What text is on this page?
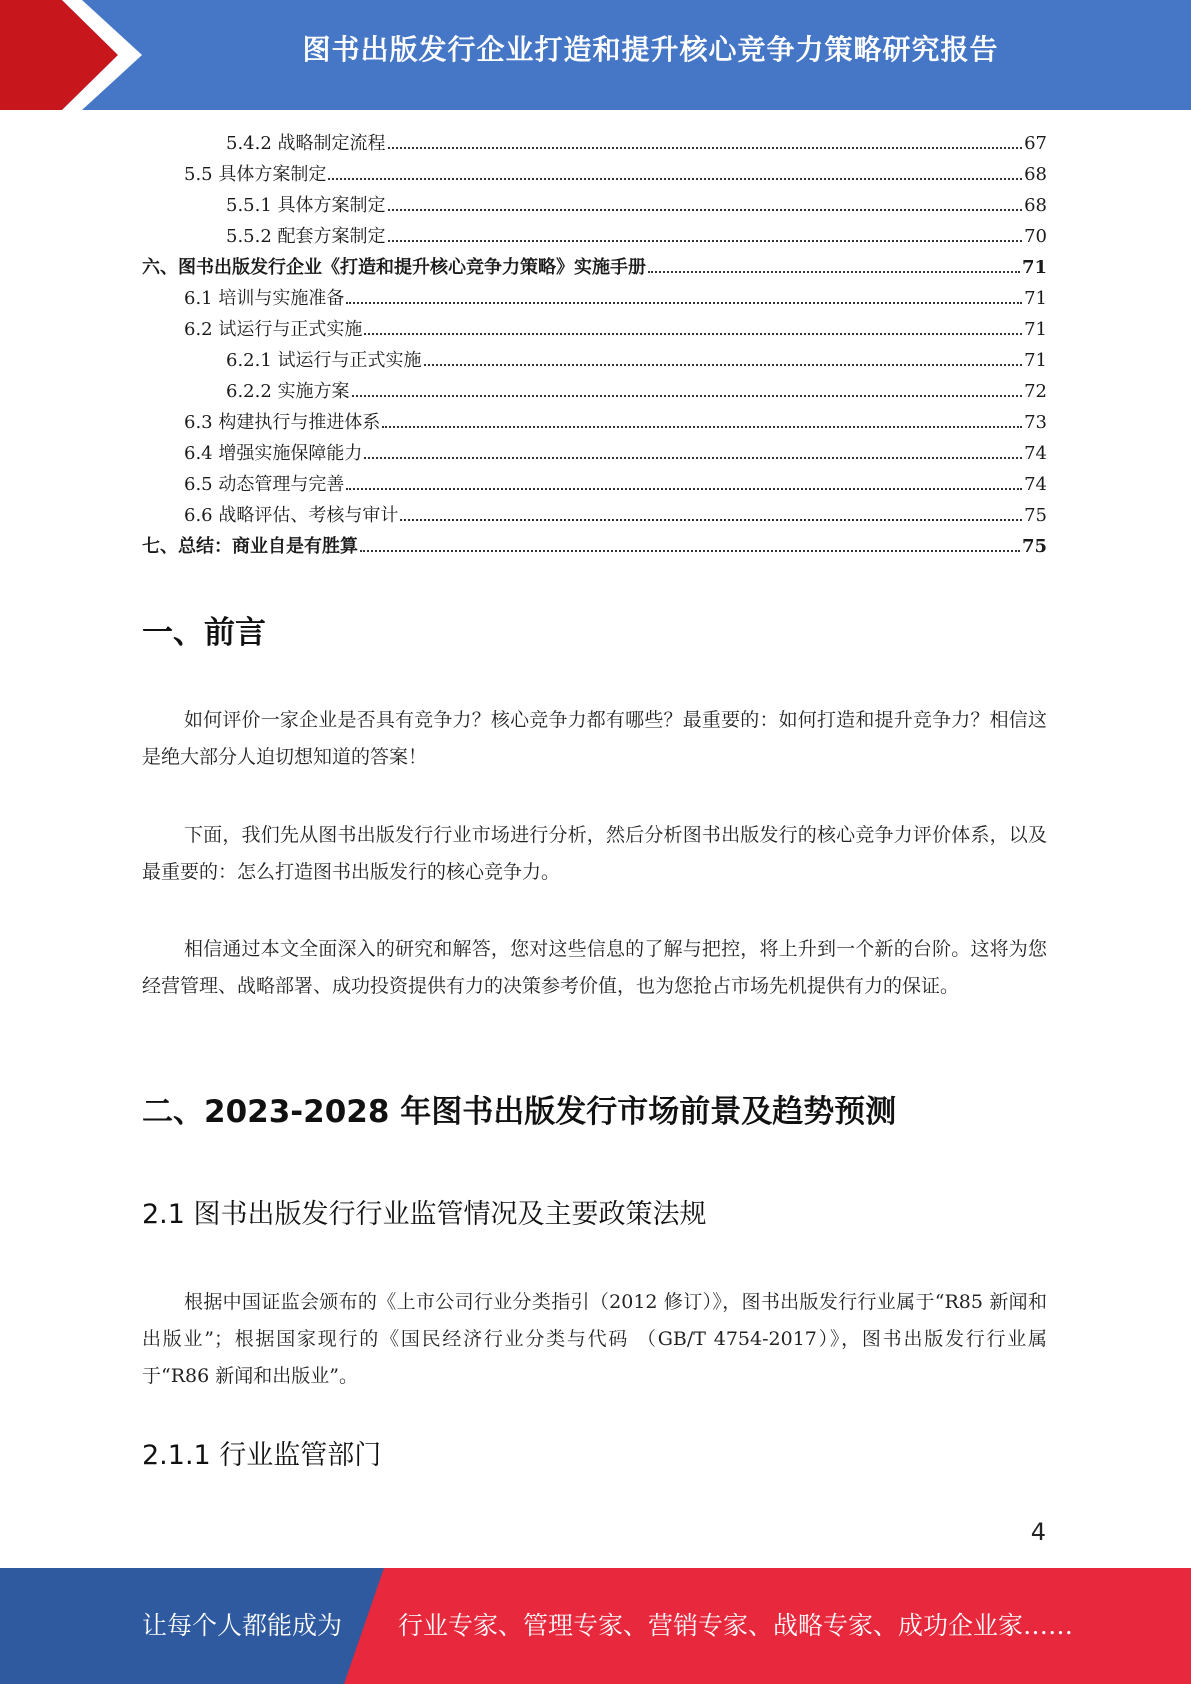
图书出版发行企业打造和提升核心竞争力策略研究报告
5.4.2 战略制定流程	67
5.5 具体方案制定	68
5.5.1 具体方案制定	68
5.5.2 配套方案制定	70
六、图书出版发行企业《打造和提升核心竞争力策略》实施手册	71
6.1 培训与实施准备	71
6.2 试运行与正式实施	71
6.2.1 试运行与正式实施	71
6.2.2 实施方案	72
6.3 构建执行与推进体系	73
6.4 增强实施保障能力	74
6.5 动态管理与完善	74
6.6 战略评估、考核与审计	75
七、总结：商业自是有胜算	75
一、前言
如何评价一家企业是否具有竞争力？核心竞争力都有哪些？最重要的：如何打造和提升竞争力？相信这是绝大部分人迫切想知道的答案！
下面，我们先从图书出版发行行业市场进行分析，然后分析图书出版发行的核心竞争力评价体系，以及最重要的：怎么打造图书出版发行的核心竞争力。
相信通过本文全面深入的研究和解答，您对这些信息的了解与把控，将上升到一个新的台阶。这将为您经营管理、战略部署、成功投资提供有力的决策参考价值，也为您抢占市场先机提供有力的保证。
二、2023-2028 年图书出版发行市场前景及趋势预测
2.1 图书出版发行行业监管情况及主要政策法规
根据中国证监会颁布的《上市公司行业分类指引（2012 修订）》，图书出版发行行业属于“R85 新闻和出版业”；根据国家现行的《国民经济行业分类与代码 （GB/T 4754-2017）》，图书出版发行行业属于“R86 新闻和出版业”。
2.1.1 行业监管部门
4
让每个人都能成为 行业专家、管理专家、营销专家、战略专家、成功企业家……
